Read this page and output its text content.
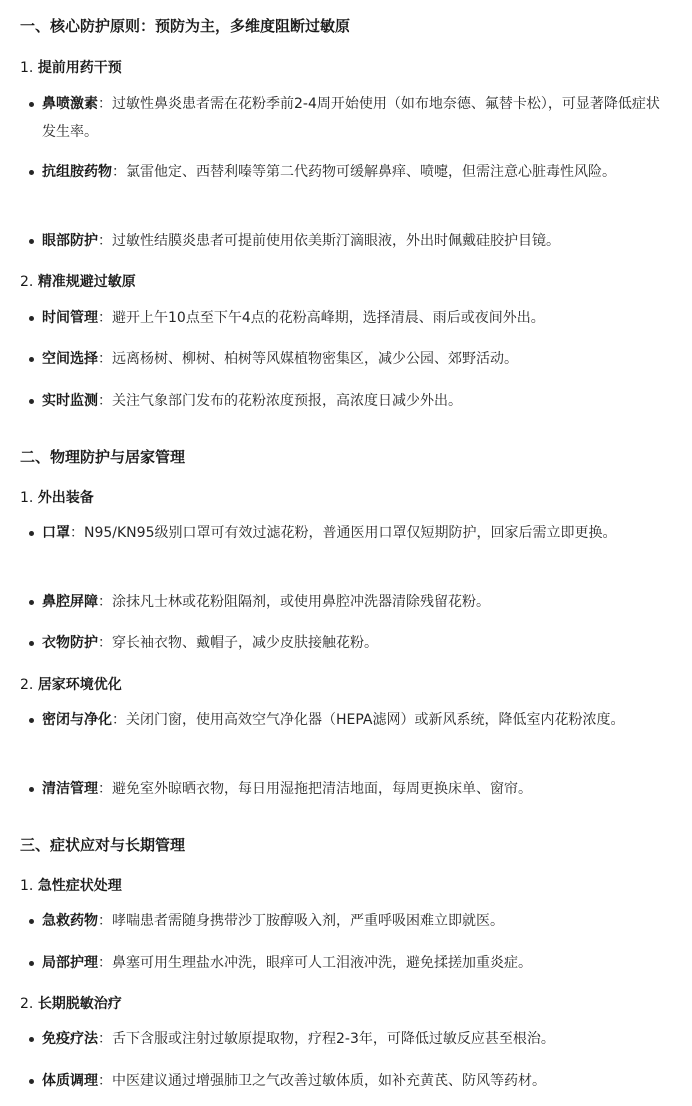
一、核心防护原则：预防为主，多维度阻断过敏原
1. 提前用药干预
鼻喷激素：过敏性鼻炎患者需在花粉季前2-4周开始使用（如布地奈德、氟替卡松），可显著降低症状发生率。
抗组胺药物：氯雷他定、西替利嗪等第二代药物可缓解鼻痒、喷嚏，但需注意心脏毒性风险。
眼部防护：过敏性结膜炎患者可提前使用依美斯汀滴眼液，外出时佩戴硅胶护目镜。
2. 精准规避过敏原
时间管理：避开上午10点至下午4点的花粉高峰期，选择清晨、雨后或夜间外出。
空间选择：远离杨树、柳树、柏树等风媒植物密集区，减少公园、郊野活动。
实时监测：关注气象部门发布的花粉浓度预报，高浓度日减少外出。
二、物理防护与居家管理
1. 外出装备
口罩：N95/KN95级别口罩可有效过滤花粉，普通医用口罩仅短期防护，回家后需立即更换。
鼻腔屏障：涂抹凡士林或花粉阻隔剂，或使用鼻腔冲洗器清除残留花粉。
衣物防护：穿长袖衣物、戴帽子，减少皮肤接触花粉。
2. 居家环境优化
密闭与净化：关闭门窗，使用高效空气净化器（HEPA滤网）或新风系统，降低室内花粉浓度。
清洁管理：避免室外晾晒衣物，每日用湿拖把清洁地面，每周更换床单、窗帘。
三、症状应对与长期管理
1. 急性症状处理
急救药物：哮喘患者需随身携带沙丁胺醇吸入剂，严重呼吸困难立即就医。
局部护理：鼻塞可用生理盐水冲洗，眼痒可人工泪液冲洗，避免揉搓加重炎症。
2. 长期脱敏治疗
免疫疗法：舌下含服或注射过敏原提取物，疗程2-3年，可降低过敏反应甚至根治。
体质调理：中医建议通过增强肺卫之气改善过敏体质，如补充黄芪、防风等药材。
